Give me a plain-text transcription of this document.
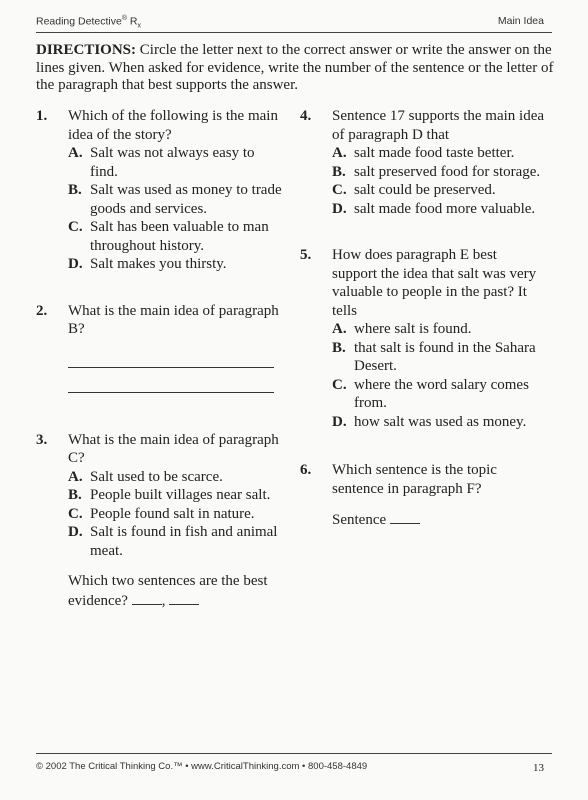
Reading Detective® $R_x$	Main Idea
DIRECTIONS: Circle the letter next to the correct answer or write the answer on the lines given. When asked for evidence, write the number of the sentence or the letter of the paragraph that best supports the answer.
1. Which of the following is the main idea of the story?
A. Salt was not always easy to find.
B. Salt was used as money to trade goods and services.
C. Salt has been valuable to man throughout history.
D. Salt makes you thirsty.
2. What is the main idea of paragraph B?
3. What is the main idea of paragraph C?
A. Salt used to be scarce.
B. People built villages near salt.
C. People found salt in nature.
D. Salt is found in fish and animal meat.
Which two sentences are the best evidence? ,
4. Sentence 17 supports the main idea of paragraph D that
A. salt made food taste better.
B. salt preserved food for storage.
C. salt could be preserved.
D. salt made food more valuable.
5. How does paragraph E best support the idea that salt was very valuable to people in the past? It tells
A. where salt is found.
B. that salt is found in the Sahara Desert.
C. where the word salary comes from.
D. how salt was used as money.
6. Which sentence is the topic sentence in paragraph F?
Sentence
© 2002 The Critical Thinking Co.™ • www.CriticalThinking.com • 800-458-4849	13
